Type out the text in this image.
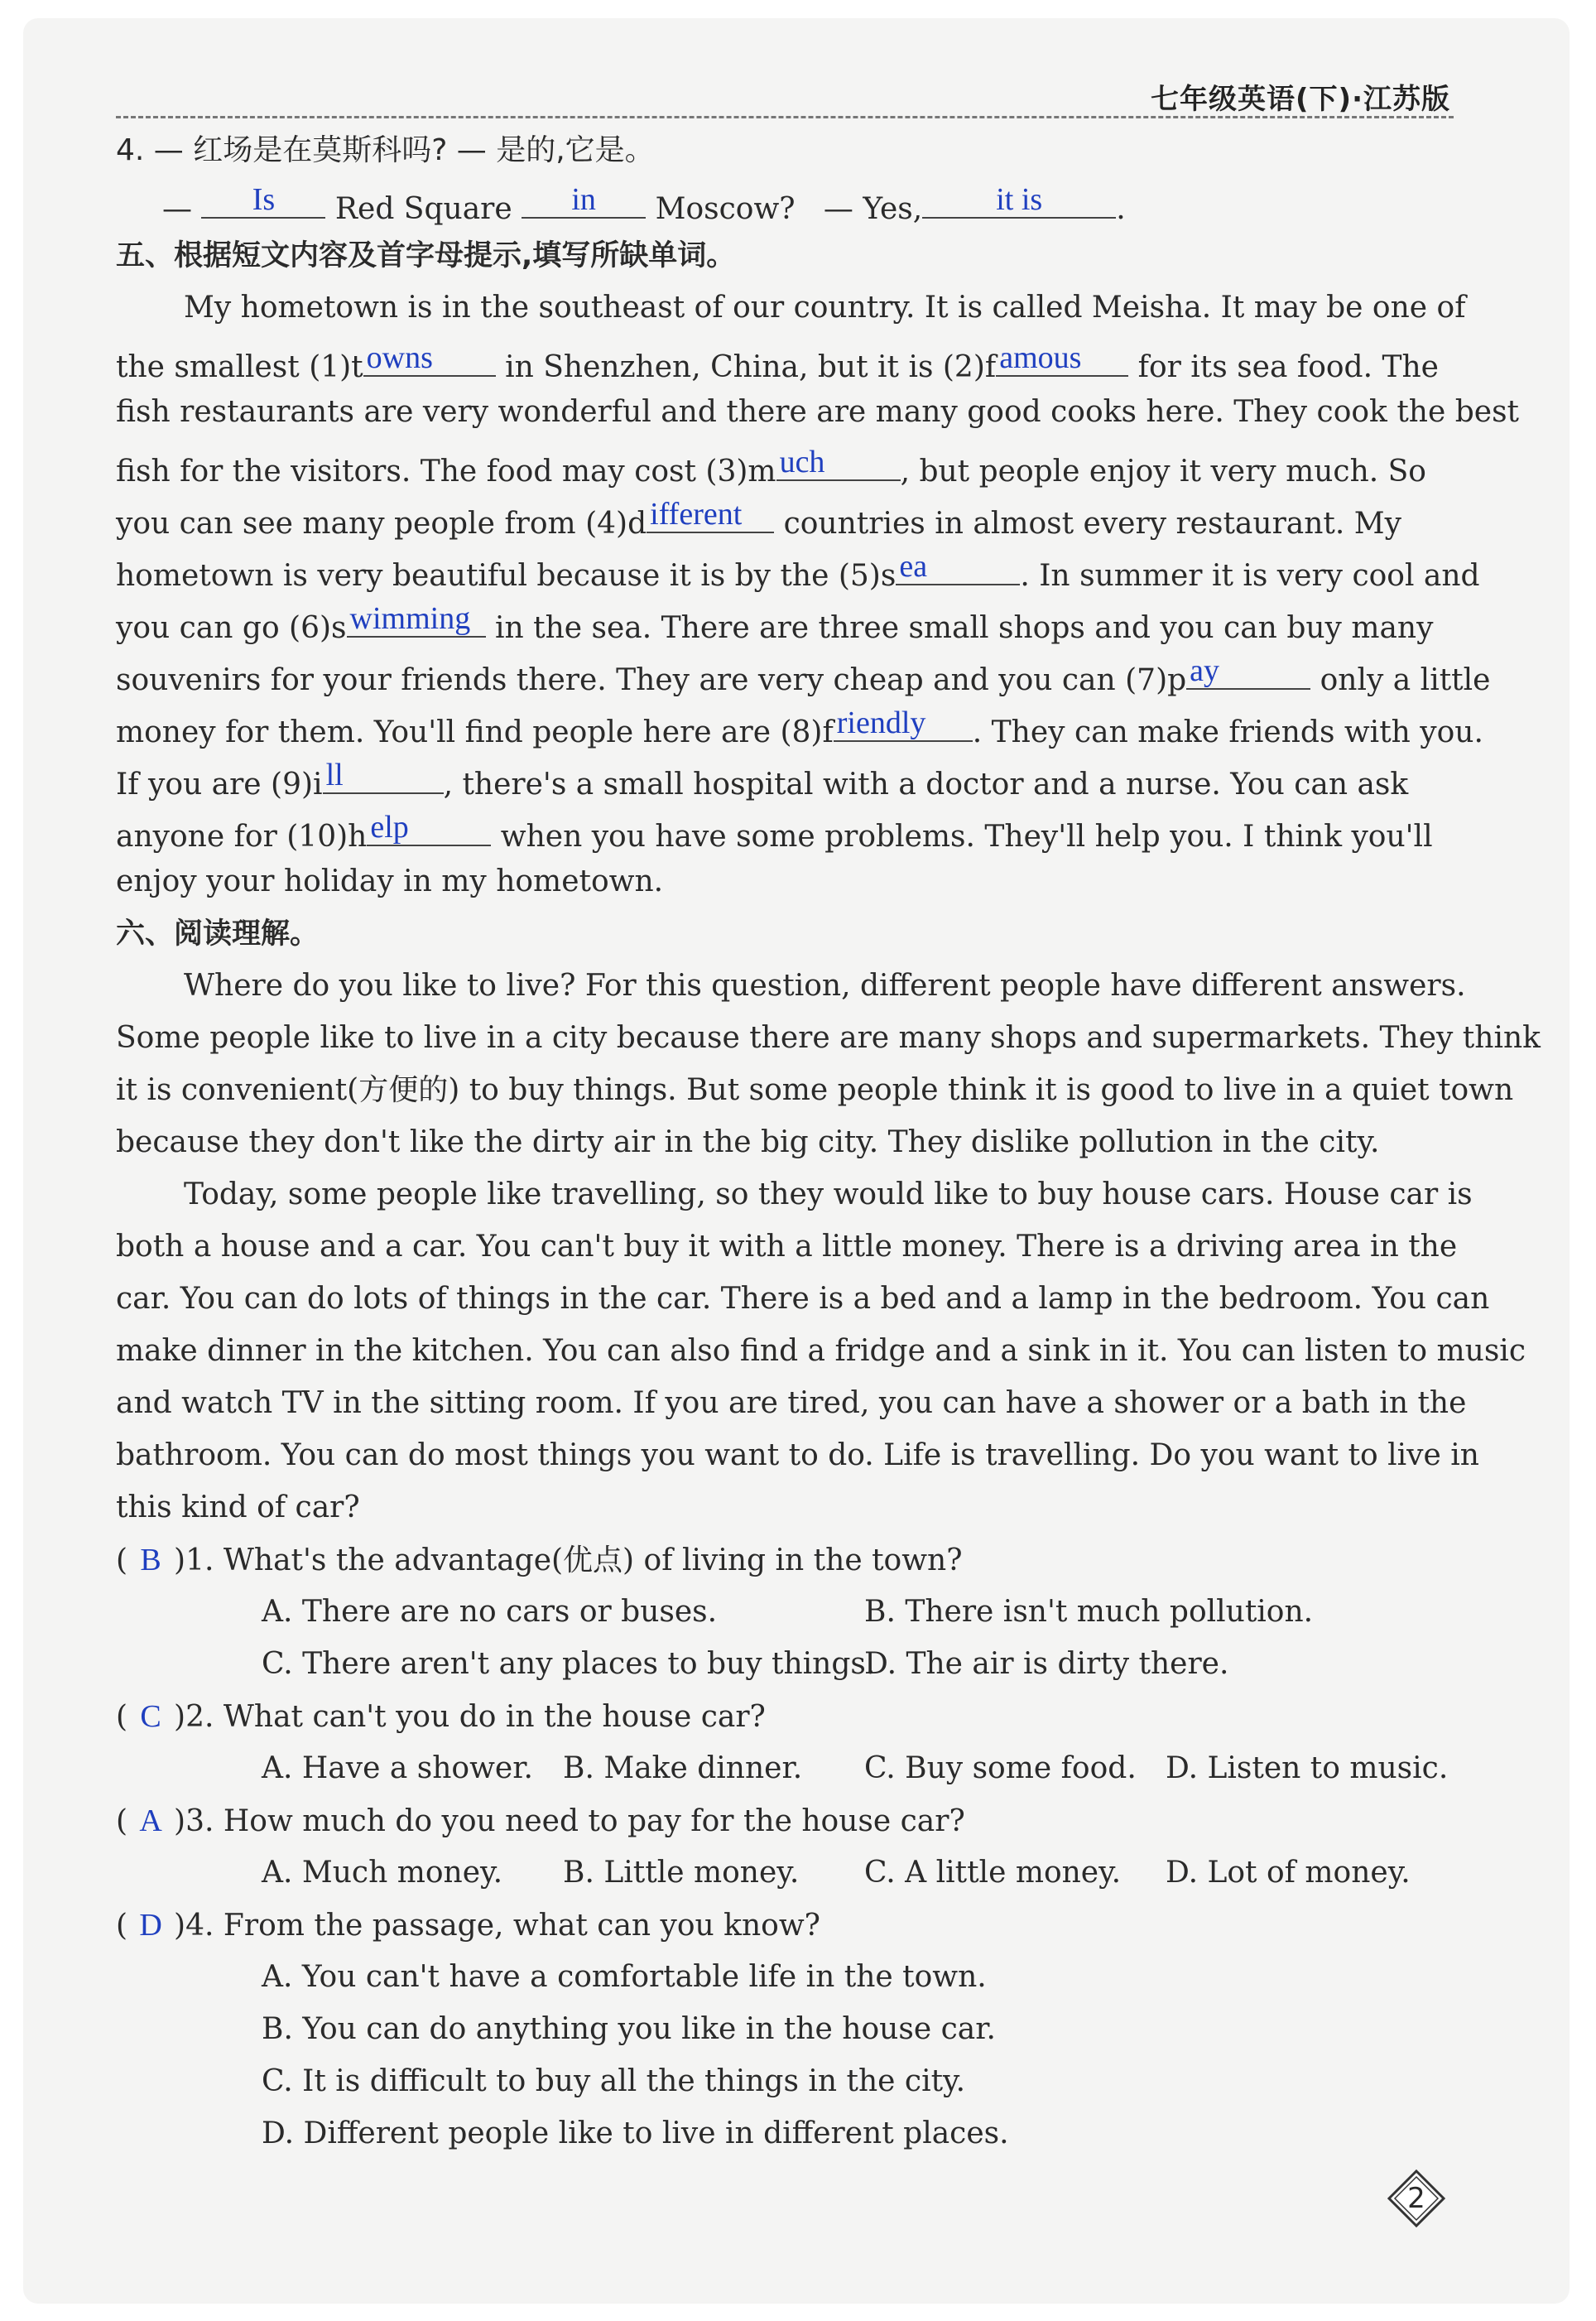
七年级英语(下)·江苏版
4. — 红场是在莫斯科吗? — 是的,它是。
—	Is	Red Square	in	Moscow? — Yes,	it is	.
五、根据短文内容及首字母提示,填写所缺单词。
My hometown is in the southeast of our country. It is called Meisha. It may be one of
the smallest (1)t owns in Shenzhen, China, but it is (2)f amous for its sea food. The
fish restaurants are very wonderful and there are many good cooks here. They cook the best
fish for the visitors. The food may cost (3)m uch	, but people enjoy it very much. So
you can see many people from (4)d ifferent countries in almost every restaurant. My
hometown is very beautiful because it is by the (5)s ea	. In summer it is very cool and
you can go (6)s wimming in the sea. There are three small shops and you can buy many
souvenirs for your friends there. They are very cheap and you can (7)p ay	only a little
money for them. You'll find people here are (8)f riendly . They can make friends with you.
If you are (9)i ll	, there's a small hospital with a doctor and a nurse. You can ask
anyone for (10)h elp	when you have some problems. They'll help you. I think you'll
enjoy your holiday in my hometown.
六、阅读理解。
Where do you like to live? For this question, different people have different answers.
Some people like to live in a city because there are many shops and supermarkets. They think
it is convenient(方便的) to buy things. But some people think it is good to live in a quiet town
because they don't like the dirty air in the big city. They dislike pollution in the city.
Today, some people like travelling, so they would like to buy house cars. House car is
both a house and a car. You can't buy it with a little money. There is a driving area in the
car. You can do lots of things in the car. There is a bed and a lamp in the bedroom. You can
make dinner in the kitchen. You can also find a fridge and a sink in it. You can listen to music
and watch TV in the sitting room. If you are tired, you can have a shower or a bath in the
bathroom. You can do most things you want to do. Life is travelling. Do you want to live in
this kind of car?
( B )1. What's the advantage(优点) of living in the town?
A. There are no cars or buses.	B. There isn't much pollution.
C. There aren't any places to buy things.D. The air is dirty there.
( C )2. What can't you do in the house car?
A. Have a shower. B. Make dinner. C. Buy some food. D. Listen to music.
( A )3. How much do you need to pay for the house car?
A. Much money. B. Little money. C. A little money. D. Lot of money.
( D )4. From the passage, what can you know?
A. You can't have a comfortable life in the town.
B. You can do anything you like in the house car.
C. It is difficult to buy all the things in the city.
D. Different people like to live in different places.
2
